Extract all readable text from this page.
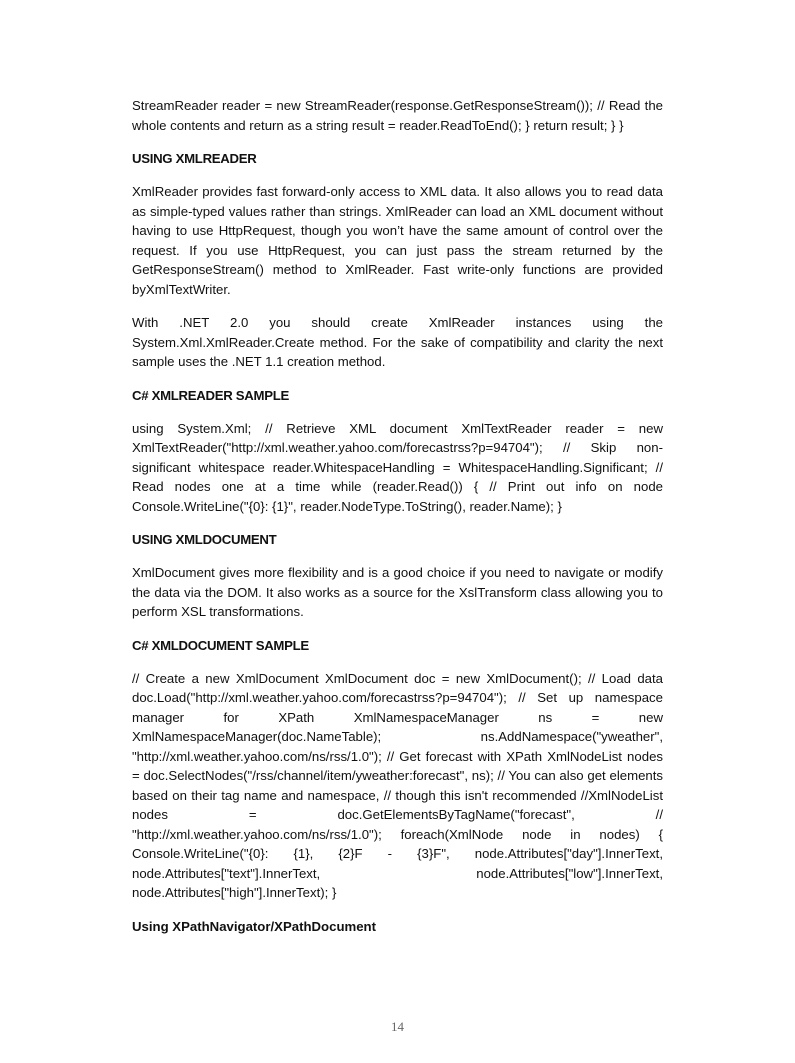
StreamReader reader = new StreamReader(response.GetResponseStream()); // Read the whole contents and return as a string result = reader.ReadToEnd(); } return result; } }

USING XMLREADER

XmlReader provides fast forward-only access to XML data. It also allows you to read data as simple-typed values rather than strings. XmlReader can load an XML document without having to use HttpRequest, though you won’t have the same amount of control over the request. If you use HttpRequest, you can just pass the stream returned by the GetResponseStream() method to XmlReader. Fast write-only functions are provided byXmlTextWriter.

With .NET 2.0 you should create XmlReader instances using the System.Xml.XmlReader.Create method. For the sake of compatibility and clarity the next sample uses the .NET 1.1 creation method.

C# XMLREADER SAMPLE

using System.Xml; // Retrieve XML document XmlTextReader reader = new XmlTextReader("http://xml.weather.yahoo.com/forecastrss?p=94704"); // Skip non-significant whitespace reader.WhitespaceHandling = WhitespaceHandling.Significant; // Read nodes one at a time while (reader.Read()) { // Print out info on node Console.WriteLine("{0}: {1}", reader.NodeType.ToString(), reader.Name); }

USING XMLDOCUMENT

XmlDocument gives more flexibility and is a good choice if you need to navigate or modify the data via the DOM. It also works as a source for the XslTransform class allowing you to perform XSL transformations.

C# XMLDOCUMENT SAMPLE

// Create a new XmlDocument XmlDocument doc = new XmlDocument(); // Load data doc.Load("http://xml.weather.yahoo.com/forecastrss?p=94704"); // Set up namespace manager for XPath XmlNamespaceManager ns = new XmlNamespaceManager(doc.NameTable); ns.AddNamespace("yweather", "http://xml.weather.yahoo.com/ns/rss/1.0"); // Get forecast with XPath XmlNodeList nodes = doc.SelectNodes("/rss/channel/item/yweather:forecast", ns); // You can also get elements based on their tag name and namespace, // though this isn't recommended //XmlNodeList nodes = doc.GetElementsByTagName("forecast", // "http://xml.weather.yahoo.com/ns/rss/1.0"); foreach(XmlNode node in nodes) { Console.WriteLine("{0}: {1}, {2}F - {3}F", node.Attributes["day"].InnerText, node.Attributes["text"].InnerText, node.Attributes["low"].InnerText, node.Attributes["high"].InnerText); }

Using XPathNavigator/XPathDocument
14
